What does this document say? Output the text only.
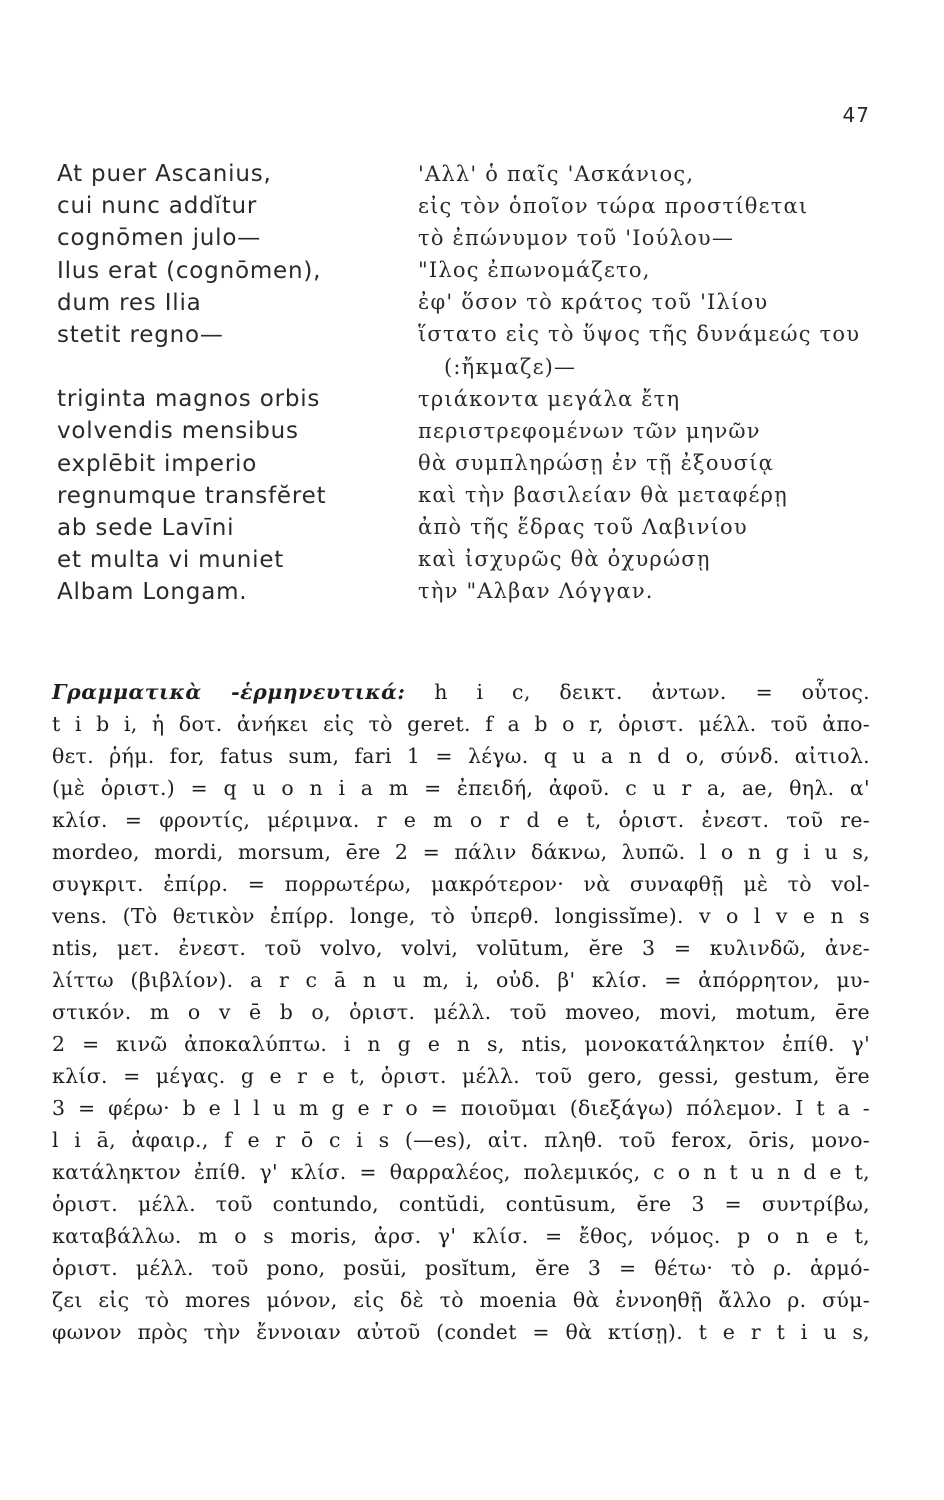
47
At puer Ascanius,
cui nunc addĭtur
cognōmen julo—
Ilus erat (cognōmen),
dum res Ilia
stetit regno—
triginta magnos orbis
volvendis mensibus
explēbit imperio
regnumque transfĕret
ab sede Lavīni
et multa vi muniet
Albam Longam.
'Αλλ' ὁ παῖς 'Ασκάνιος,
εἰς τὸν ὁποῖον τώρα προστίθεται
τὸ ἐπώνυμον τοῦ 'Ιούλου—
"Ιλος ἐπωνομάζετο,
ἐφ' ὅσον τὸ κράτος τοῦ 'Ιλίου
ἵστατο εἰς τὸ ὕψος τῆς δυνάμεώς του
(:ἤκμαζε)—
τριάκοντα μεγάλα ἔτη
περιστρεφομένων τῶν μηνῶν
θὰ συμπληρώσῃ ἐν τῇ ἐξουσίᾳ
καὶ τὴν βασιλείαν θὰ μεταφέρῃ
ἀπὸ τῆς ἕδρας τοῦ Λαβινίου
καὶ ἰσχυρῶς θὰ ὀχυρώσῃ
τὴν "Αλβαν Λόγγαν.
Γραμματικὰ -ἑρμηνευτικά: h i c, δεικτ. ἀντων. = οὗτος.
t i b i, ἡ δοτ. ἀνήκει εἰς τὸ geret. f a b o r, ὁριστ. μέλλ. τοῦ ἀπο-
θετ. ῥήμ. for, fatus sum, fari 1 = λέγω. q u a n d o, σύνδ. αἰτιολ.
(μὲ ὁριστ.) = q u o n i a m = ἐπειδή, ἀφοῦ. c u r a, ae, θηλ. α'
κλίσ. = φροντίς, μέριμνα. r e m o r d e t, ὁριστ. ἐνεστ. τοῦ re-
mordeo, mordi, morsum, ēre 2 = πάλιν δάκνω, λυπῶ. l o n g i u s,
συγκριτ. ἐπίρρ. = πορρωτέρω, μακρότερον· νὰ συναφθῇ μὲ τὸ vol-
vens. (Τὸ θετικὸν ἐπίρρ. longe, τὸ ὑπερθ. longissĭme). v o l v e n s
ntis, μετ. ἐνεστ. τοῦ volvo, volvi, volūtum, ĕre 3 = κυλινδῶ, ἀνε-
λίττω (βιβλίον). a r c ā n u m, i, οὐδ. β' κλίσ. = ἀπόρρητον, μυ-
στικόν. m o v ē b o, ὁριστ. μέλλ. τοῦ moveo, movi, motum, ēre
2 = κινῶ ἀποκαλύπτω. i n g e n s, ntis, μονοκατάληκτον ἐπίθ. γ'
κλίσ. = μέγας. g e r e t, ὁριστ. μέλλ. τοῦ gero, gessi, gestum, ĕre
3 = φέρω· b e l l u m g e r o = ποιοῦμαι (διεξάγω) πόλεμον. I t a -
l i ā, ἀφαιρ., f e r ō c i s (—es), αἰτ. πληθ. τοῦ ferox, ōris, μονο-
κατάληκτον ἐπίθ. γ' κλίσ. = θαρραλέος, πολεμικός, c o n t u n d e t,
ὁριστ. μέλλ. τοῦ contundo, contŭdi, contūsum, ĕre 3 = συντρίβω,
καταβάλλω. m o s moris, ἀρσ. γ' κλίσ. = ἔθος, νόμος. p o n e t,
ὁριστ. μέλλ. τοῦ pono, posŭi, posĭtum, ĕre 3 = θέτω· τὸ ρ. ἁρμό-
ζει εἰς τὸ mores μόνον, εἰς δὲ τὸ moenia θὰ ἐννοηθῇ ἄλλο ρ. σύμ-
φωνον πρὸς τὴν ἔννοιαν αὐτοῦ (condet = θὰ κτίσῃ). t e r t i u s,
